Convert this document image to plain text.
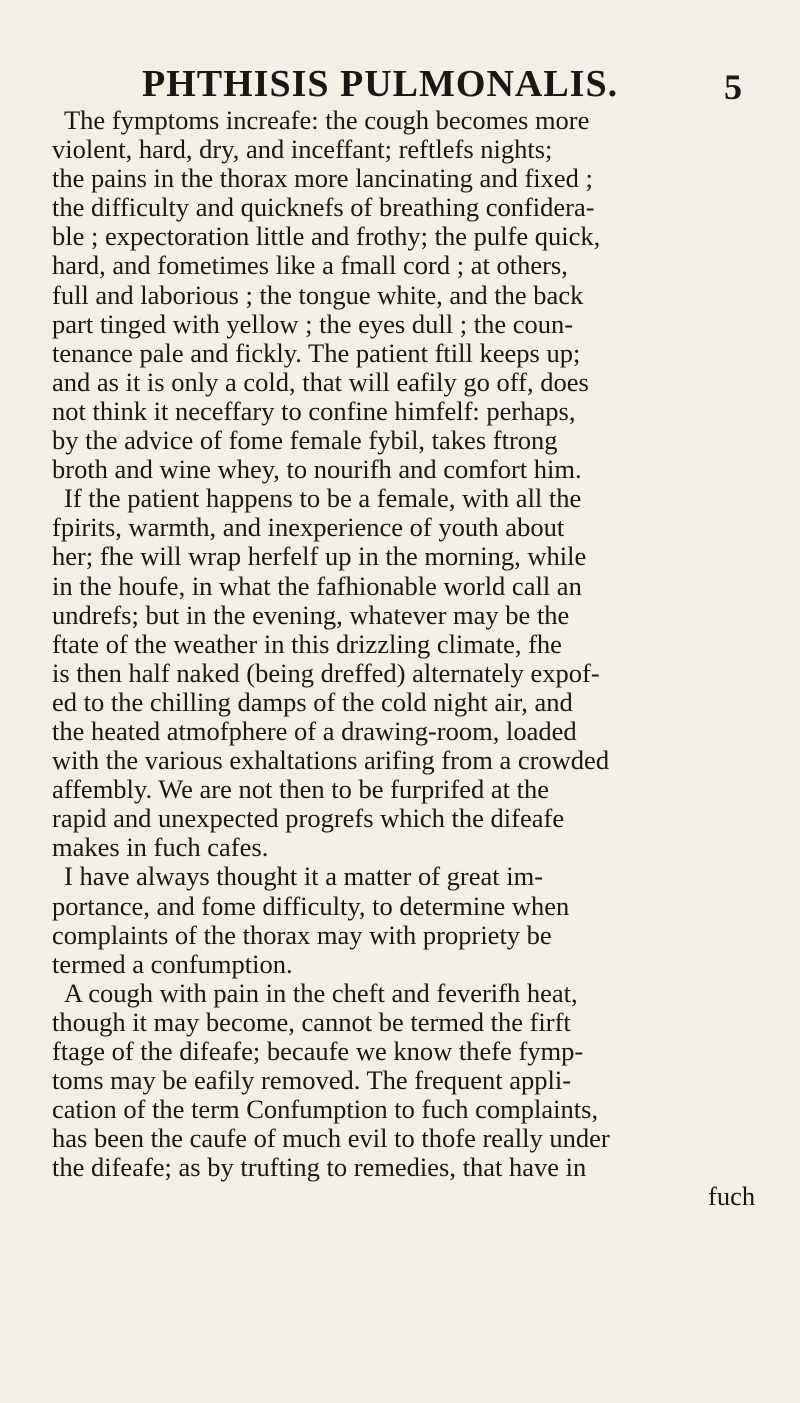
PHTHISIS PULMONALIS.	5
The fymptoms increafe: the cough becomes more
violent, hard, dry, and inceffant; reftlefs nights;
the pains in the thorax more lancinating and fixed ;
the difficulty and quicknefs of breathing confidera-
ble ; expectoration little and frothy; the pulfe quick,
hard, and fometimes like a fmall cord ; at others,
full and laborious ; the tongue white, and the back
part tinged with yellow ; the eyes dull ; the coun-
tenance pale and fickly. The patient ftill keeps up;
and as it is only a cold, that will eafily go off, does
not think it neceffary to confine himfelf: perhaps,
by the advice of fome female fybil, takes ftrong
broth and wine whey, to nourifh and comfort him.
If the patient happens to be a female, with all the
fpirits, warmth, and inexperience of youth about
her; fhe will wrap herfelf up in the morning, while
in the houfe, in what the fafhionable world call an
undrefs; but in the evening, whatever may be the
ftate of the weather in this drizzling climate, fhe
is then half naked (being dreffed) alternately expof-
ed to the chilling damps of the cold night air, and
the heated atmofphere of a drawing-room, loaded
with the various exhaltations arifing from a crowded
affembly. We are not then to be furprifed at the
rapid and unexpected progrefs which the difeafe
makes in fuch cafes.
I have always thought it a matter of great im-
portance, and fome difficulty, to determine when
complaints of the thorax may with propriety be
termed a confumption.
A cough with pain in the cheft and feverifh heat,
though it may become, cannot be termed the firft
ftage of the difeafe; becaufe we know thefe fymp-
toms may be eafily removed. The frequent appli-
cation of the term Confumption to fuch complaints,
has been the caufe of much evil to thofe really under
the difeafe; as by trufting to remedies, that have in
fuch
